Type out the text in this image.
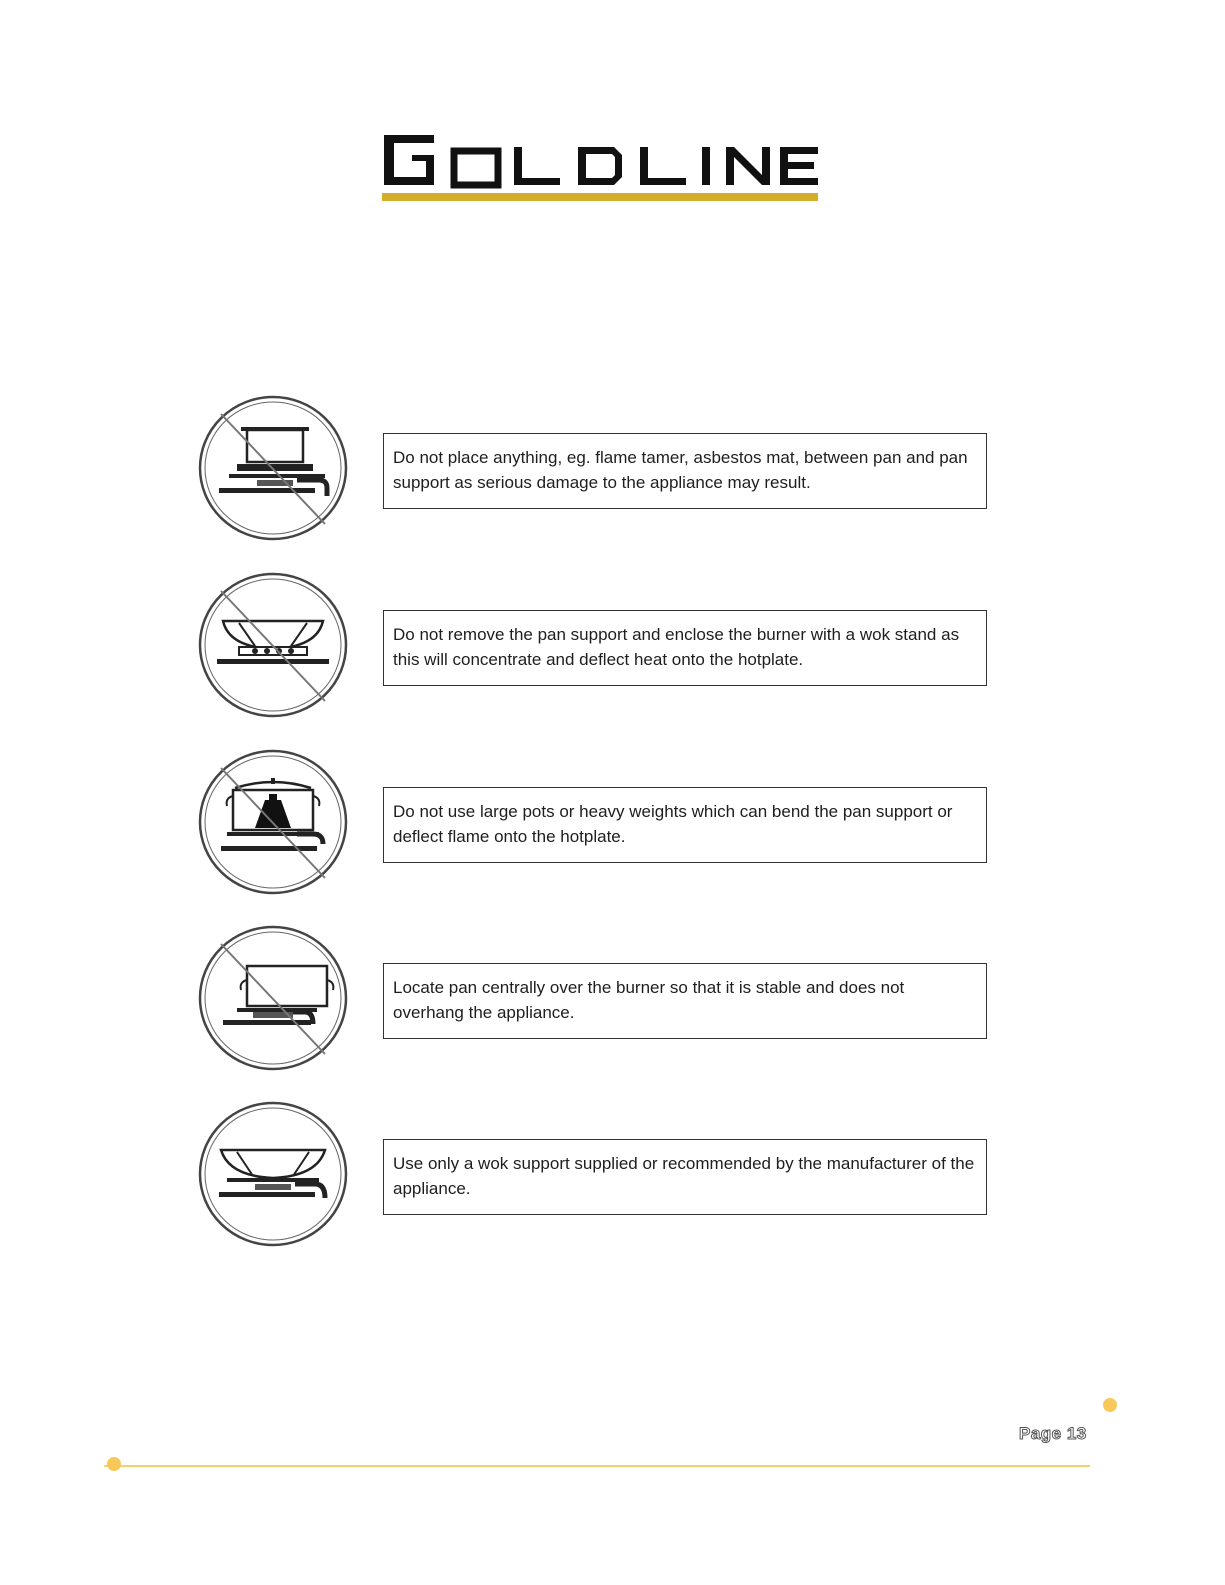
Do not place anything, eg. flame tamer, asbestos mat, between pan and pan support as serious damage to the appliance may result.
Do not remove the pan support and enclose the burner with a wok stand as this will concentrate and deflect heat onto the hotplate.
Do not use large pots or heavy weights which can bend the pan support or deflect flame onto the hotplate.
Locate pan centrally over the burner so that it is stable and does not overhang the appliance.
Use only a wok support supplied or recommended by the manufacturer of the appliance.
Page 13
